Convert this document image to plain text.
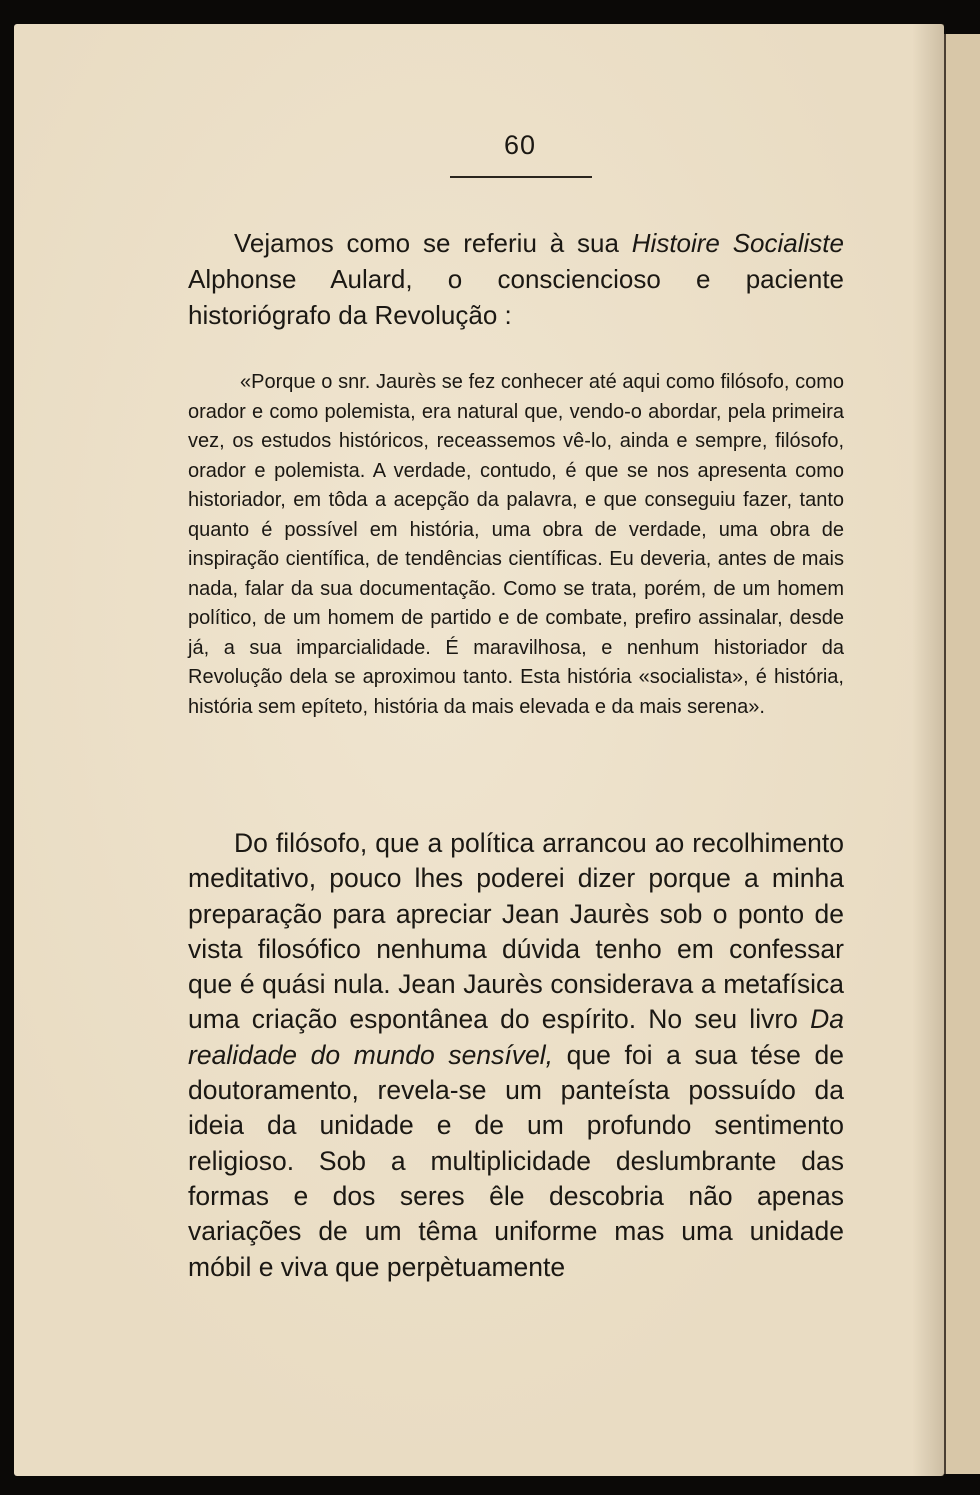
60

Vejamos como se referiu à sua Histoire Socialiste Alphonse Aulard, o consciencioso e paciente historiógrafo da Revolução :

«Porque o snr. Jaurès se fez conhecer até aqui como filósofo, como orador e como polemista, era natural que, vendo-o abordar, pela primeira vez, os estudos históricos, receassemos vê-lo, ainda e sempre, filósofo, orador e polemista. A verdade, contudo, é que se nos apresenta como historiador, em tôda a acepção da palavra, e que conseguiu fazer, tanto quanto é possível em história, uma obra de verdade, uma obra de inspiração científica, de tendências científicas. Eu deveria, antes de mais nada, falar da sua documentação. Como se trata, porém, de um homem político, de um homem de partido e de combate, prefiro assinalar, desde já, a sua imparcialidade. É maravilhosa, e nenhum historiador da Revolução dela se aproximou tanto. Esta história «socialista», é história, história sem epíteto, história da mais elevada e da mais serena».

Do filósofo, que a política arrancou ao recolhimento meditativo, pouco lhes poderei dizer porque a minha preparação para apreciar Jean Jaurès sob o ponto de vista filosófico nenhuma dúvida tenho em confessar que é quási nula. Jean Jaurès considerava a metafísica uma criação espontânea do espírito. No seu livro Da realidade do mundo sensível, que foi a sua tése de doutoramento, revela-se um panteísta possuído da ideia da unidade e de um profundo sentimento religioso. Sob a multiplicidade deslumbrante das formas e dos seres êle descobria não apenas variações de um têma uniforme mas uma unidade móbil e viva que perpètuamente
